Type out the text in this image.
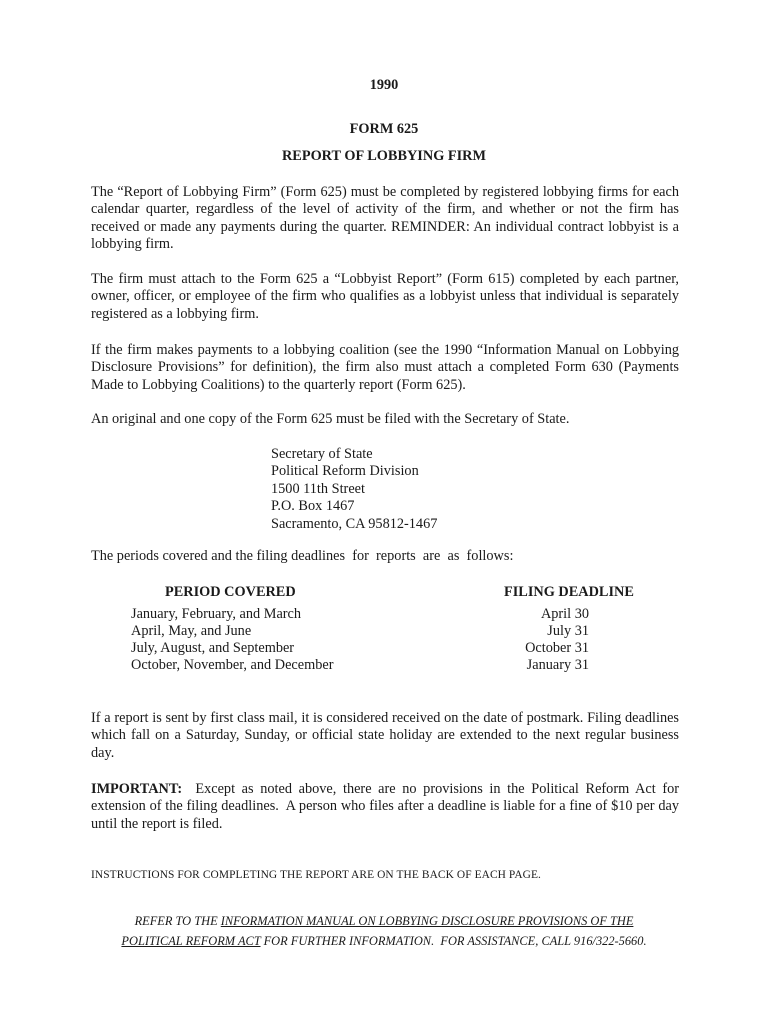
1990
FORM 625
REPORT OF LOBBYING FIRM
The “Report of Lobbying Firm” (Form 625) must be completed by registered lobbying firms for each calendar quarter, regardless of the level of activity of the firm, and whether or not the firm has received or made any payments during the quarter. REMINDER: An individual contract lobbyist is a lobbying firm.
The firm must attach to the Form 625 a “Lobbyist Report” (Form 615) completed by each partner, owner, officer, or employee of the firm who qualifies as a lobbyist unless that individual is separately registered as a lobbying firm.
If the firm makes payments to a lobbying coalition (see the 1990 “Information Manual on Lobbying Disclosure Provisions” for definition), the firm also must attach a completed Form 630 (Payments Made to Lobbying Coalitions) to the quarterly report (Form 625).
An original and one copy of the Form 625 must be filed with the Secretary of State.
Secretary of State
Political Reform Division
1500 11th Street
P.O. Box 1467
Sacramento, CA 95812-1467
The periods covered and the filing deadlines  for  reports  are  as  follows:
PERIOD COVERED	FILING DEADLINE
January, February, and March	April 30
April, May, and June	July 31
July, August, and September	October 31
October, November, and December	January 31
If a report is sent by first class mail, it is considered received on the date of postmark. Filing deadlines which fall on a Saturday, Sunday, or official state holiday are extended to the next regular business day.
IMPORTANT:  Except as noted above, there are no provisions in the Political Reform Act for extension of the filing deadlines.  A person who files after a deadline is liable for a fine of $10 per day until the report is filed.
INSTRUCTIONS FOR COMPLETING THE REPORT ARE ON THE BACK OF EACH PAGE.
REFER TO THE INFORMATION MANUAL ON LOBBYING DISCLOSURE PROVISIONS OF THE
POLITICAL REFORM ACT FOR FURTHER INFORMATION.  FOR ASSISTANCE, CALL 916/322-5660.
